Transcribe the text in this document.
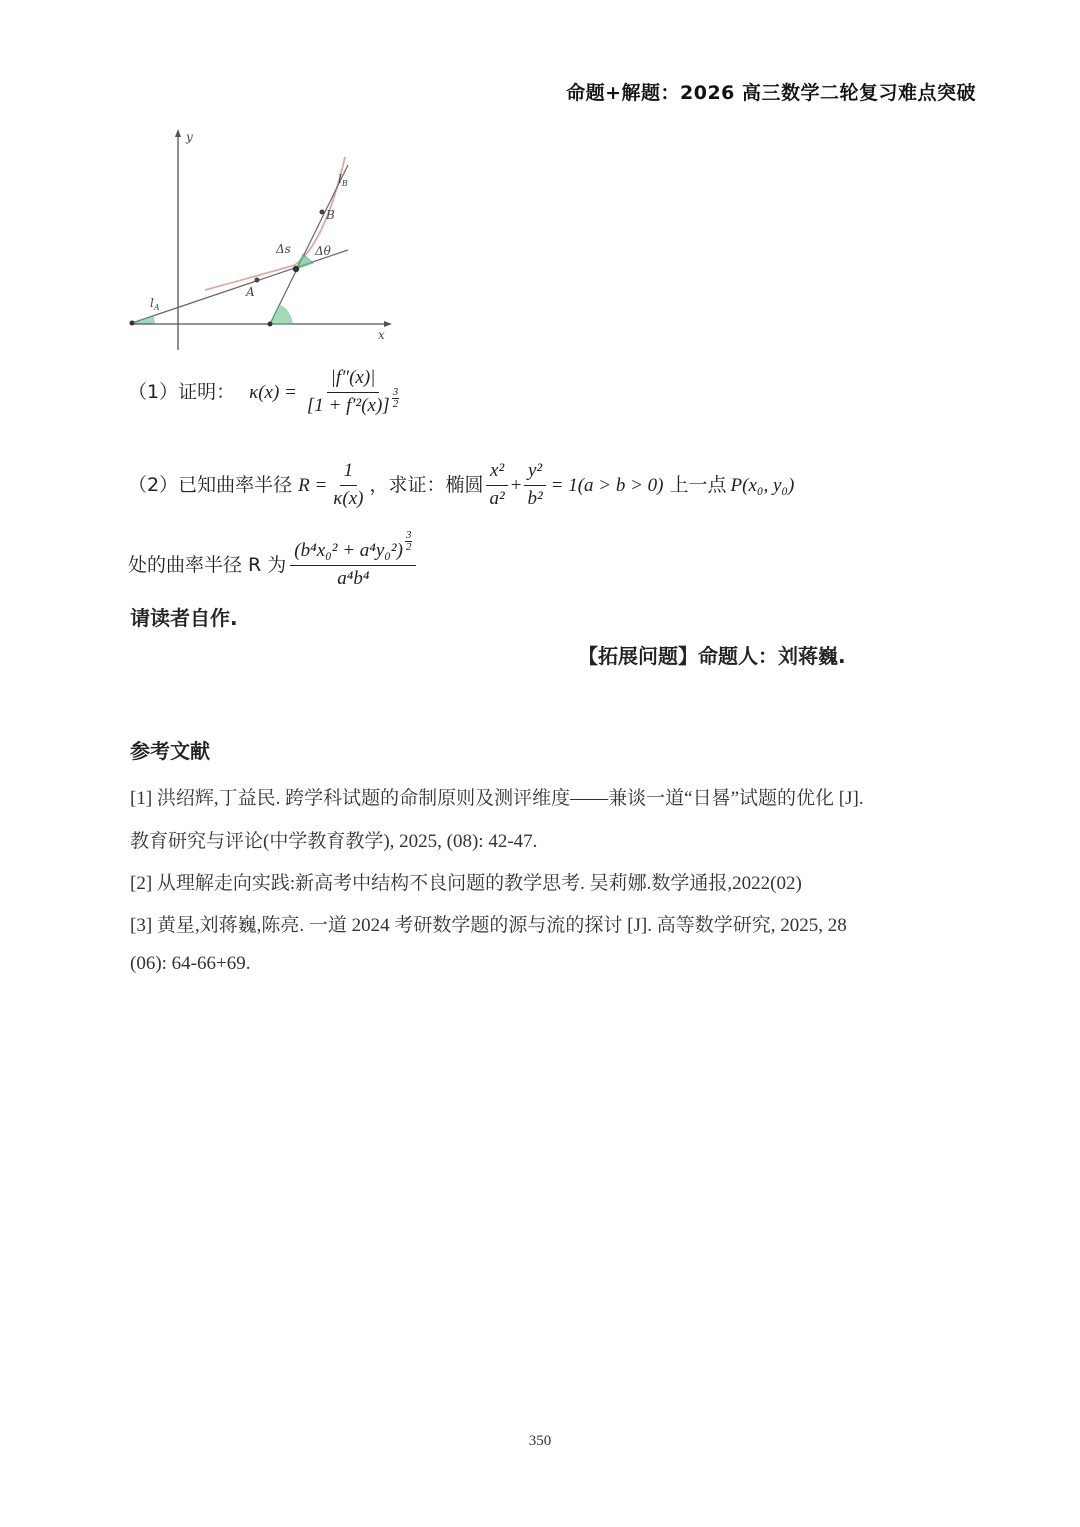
命题+解题：2026 高三数学二轮复习难点突破
y
x
$l_B$
B
Δs Δθ
A
$l_A$
（1）证明： $\kappa(x) = \frac{|f''(x)|}{[1 + f'^2(x)] \frac{3}{2}}$
（2）已知曲率半径 $R = \frac{1}{\kappa(x)}$ ，求证：椭圆 $\frac{\text{x²}}{\text{a²}} + \frac{\text{y²}}{\text{b²}} = 1(a > b > 0)$ 上一点 P(x₀, y₀)
处的曲率半径 R 为 $\frac{(b^4x_0^2 + a^4y_0^2) \frac{3}{2}}{\text{a⁴b⁴}}$
请读者自作.
【拓展问题】命题人：刘蒋巍.
参考文献
[1] 洪绍辉,丁益民. 跨学科试题的命制原则及测评维度——兼谈一道“日晷”试题的优化 [J].
教育研究与评论(中学教育教学), 2025, (08): 42-47.
[2] 从理解走向实践:新高考中结构不良问题的教学思考. 吴莉娜.数学通报,2022(02)
[3] 黄星,刘蒋巍,陈亮. 一道 2024 考研数学题的源与流的探讨 [J]. 高等数学研究, 2025, 28
(06): 64-66+69.
350
